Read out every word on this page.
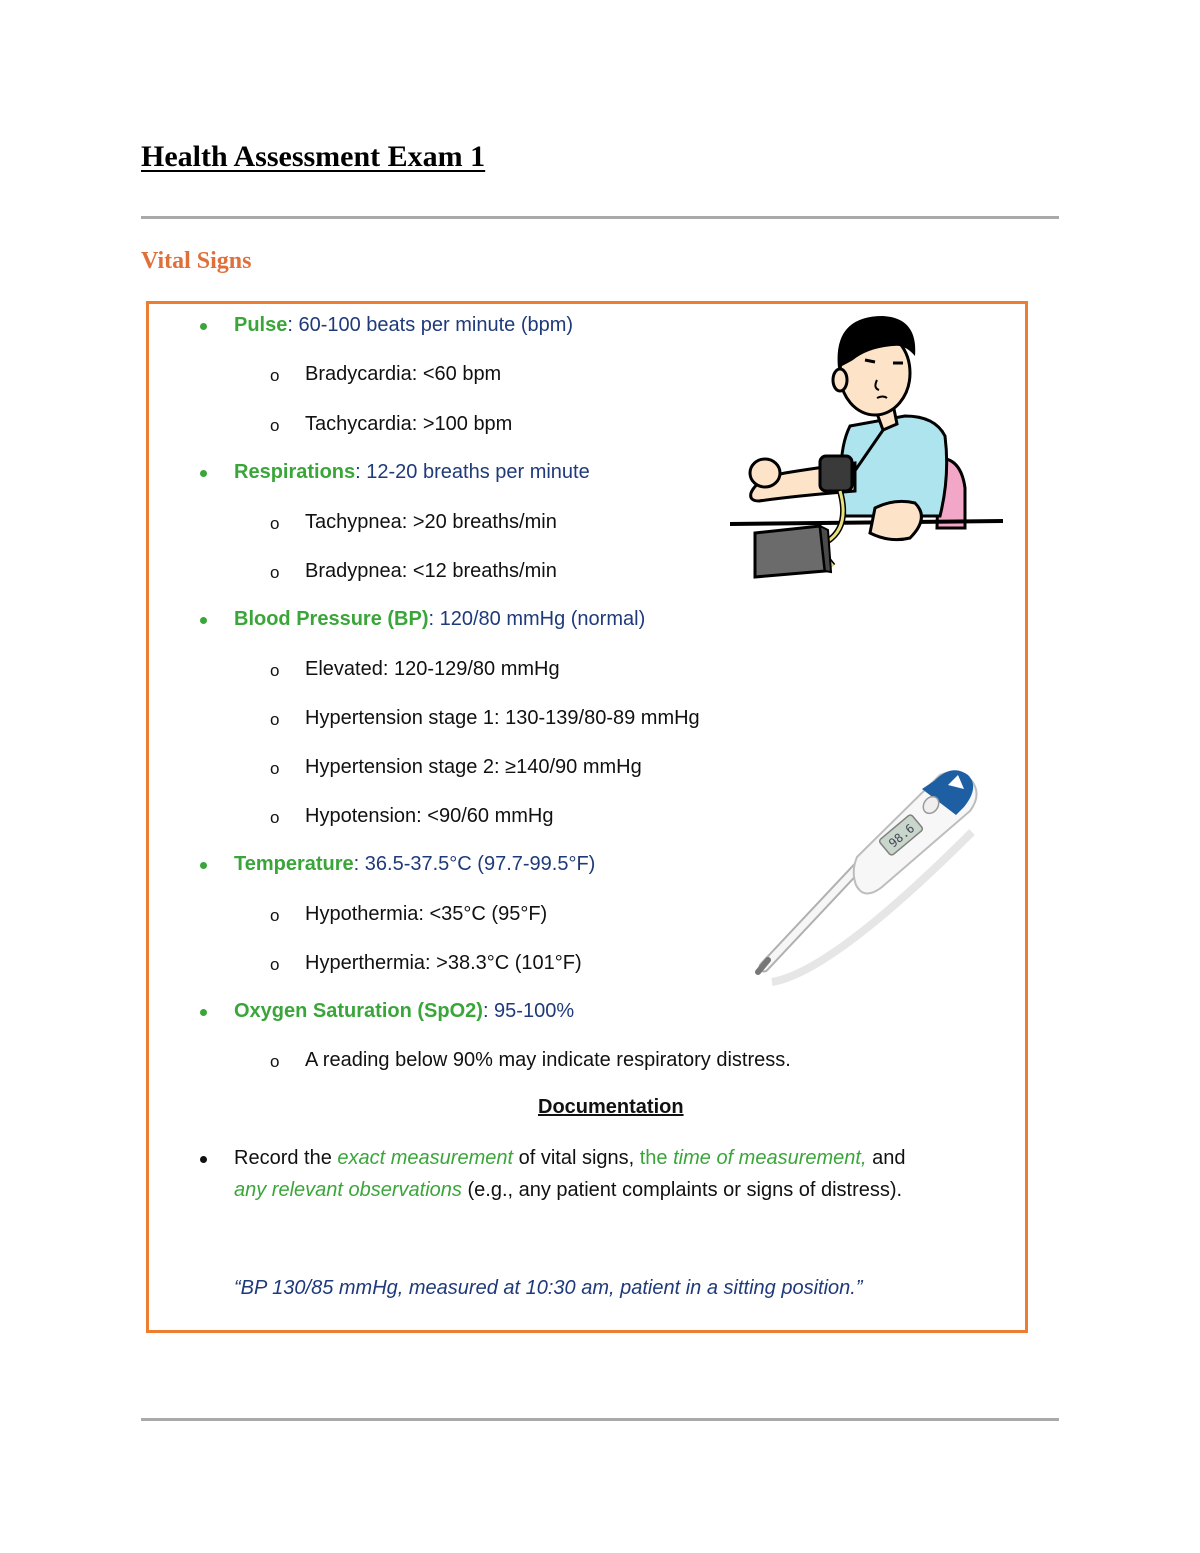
Health Assessment Exam 1
Vital Signs
Pulse: 60-100 beats per minute (bpm)
o Bradycardia: <60 bpm
o Tachycardia: >100 bpm
Respirations: 12-20 breaths per minute
o Tachypnea: >20 breaths/min
o Bradypnea: <12 breaths/min
Blood Pressure (BP): 120/80 mmHg (normal)
o Elevated: 120-129/80 mmHg
o Hypertension stage 1: 130-139/80-89 mmHg
o Hypertension stage 2: ≥140/90 mmHg
o Hypotension: <90/60 mmHg
Temperature: 36.5-37.5°C (97.7-99.5°F)
o Hypothermia: <35°C (95°F)
o Hyperthermia: >38.3°C (101°F)
Oxygen Saturation (SpO2): 95-100%
o A reading below 90% may indicate respiratory distress.
Documentation
Record the exact measurement of vital signs, the time of measurement, and
any relevant observations (e.g., any patient complaints or signs of distress).
“BP 130/85 mmHg, measured at 10:30 am, patient in a sitting position.”
98.6
